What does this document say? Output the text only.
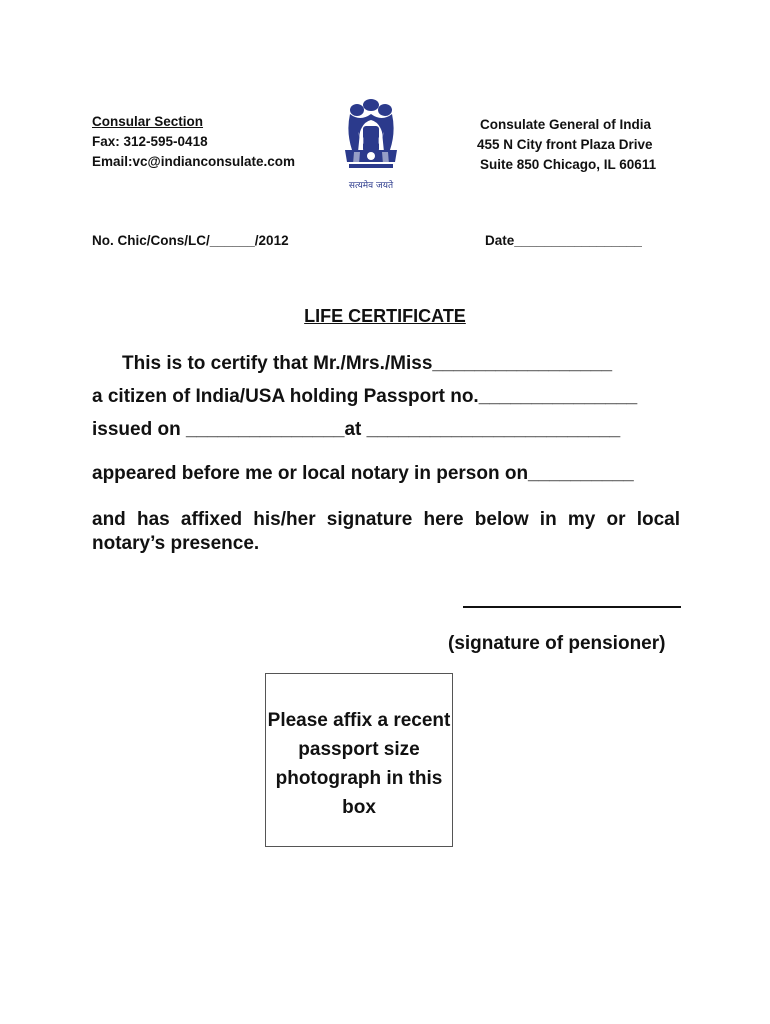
Consular Section
Fax: 312-595-0418
Email:vc@indianconsulate.com
सत्यमेव जयते
Consulate General of India
455 N City front Plaza Drive
Suite 850 Chicago, IL 60611
No. Chic/Cons/LC/______/2012	Date_________________
LIFE CERTIFICATE
This is to certify that Mr./Mrs./Miss_________________
a citizen of India/USA holding Passport no._______________
issued on _______________at ________________________
appeared before me or local notary in person on__________
and has affixed his/her signature here below in my or local notary’s presence.
(signature of pensioner)
Please affix a recent passport size photograph in this box
